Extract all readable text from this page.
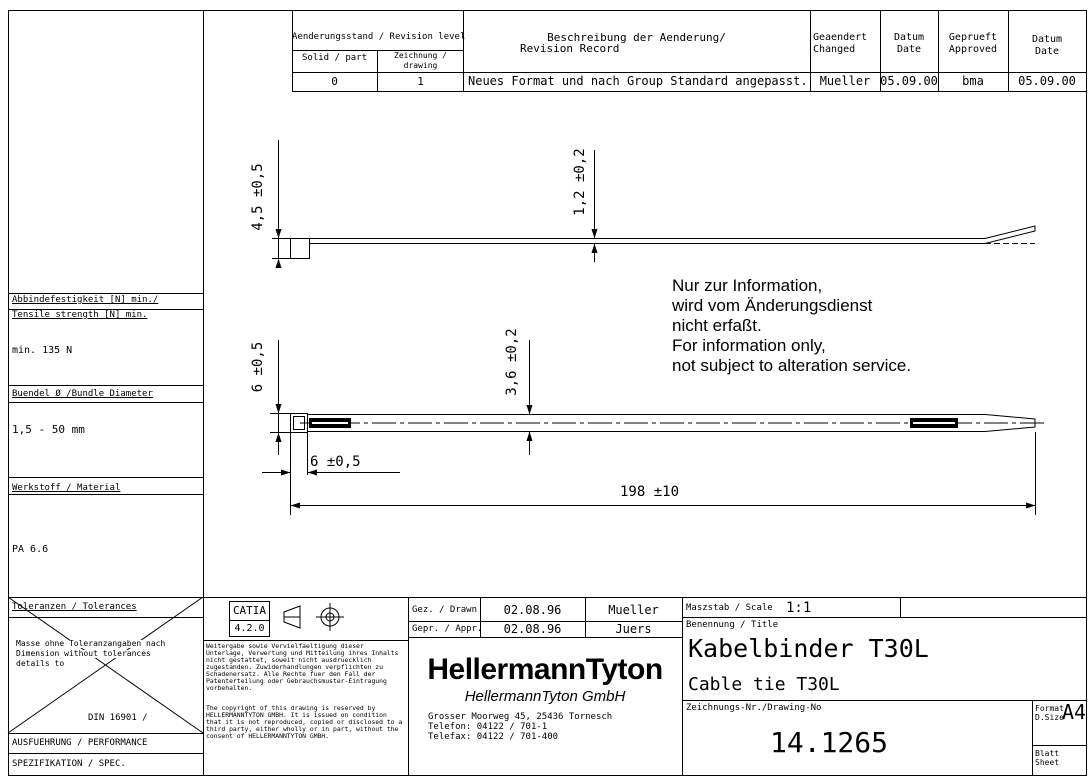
Aenderungsstand / Revision level
Solid / part	Zeichnung / drawing
Beschreibung der Aenderung/
Revision Record
Geaendert
Changed
Datum
Date
Geprueft
Approved
Datum
Date
0	1	Neues Format und nach Group Standard angepasst.	Mueller 05.09.00	bma	05.09.00
Abbindefestigkeit [N] min./
Tensile strength [N] min.
min. 135 N
Buendel Ø /Bundle Diameter
1,5 - 50 mm
Werkstoff / Material
PA 6.6
4,5 ±0,5	1,2 ±0,2
6 ±0,5	3,6 ±0,2
6 ±0,5
198 ±10
Nur zur Information,
wird vom Änderungsdienst
nicht erfaßt.
For information only,
not subject to alteration service.
Toleranzen / Tolerances
Masse ohne Toleranzangaben nach
Dimension without tolerances
details to
DIN 16901 /
AUSFUEHRUNG / PERFORMANCE
SPEZIFIKATION / SPEC.
CATIA
4.2.0
Weitergabe sowie Vervielfaeltigung dieser Unterlage, Verwertung und Mitteilung ihres Inhalts nicht gestattet, soweit nicht ausdruecklich zugestanden. Zuwiderhandlungen verpflichten zu Schadenersatz. Alle Rechte fuer den Fall der Patenterteilung oder Gebrauchsmuster-Eintragung vorbehalten.
The copyright of this drawing is reserved by HELLERMANNTYTON GMBH. It is issued on condition that it is not reproduced, copied or disclosed to a third party, either wholly or in part, without the consent of HELLERMANNTYTON GMBH.
Gez. / Drawn	02.08.96	Mueller
Gepr. / Appr.	02.08.96	Juers
HellermannTyton
HellermannTyton GmbH
Grosser Moorweg 45, 25436 Tornesch
Telefon: 04122 / 701-1
Telefax: 04122 / 701-400
Maszstab / Scale 1:1
Benennung / Title
Kabelbinder T30L
Cable tie T30L
Zeichnungs-Nr./Drawing-No
14.1265
Format
D.Size
A4
Blatt
Sheet
